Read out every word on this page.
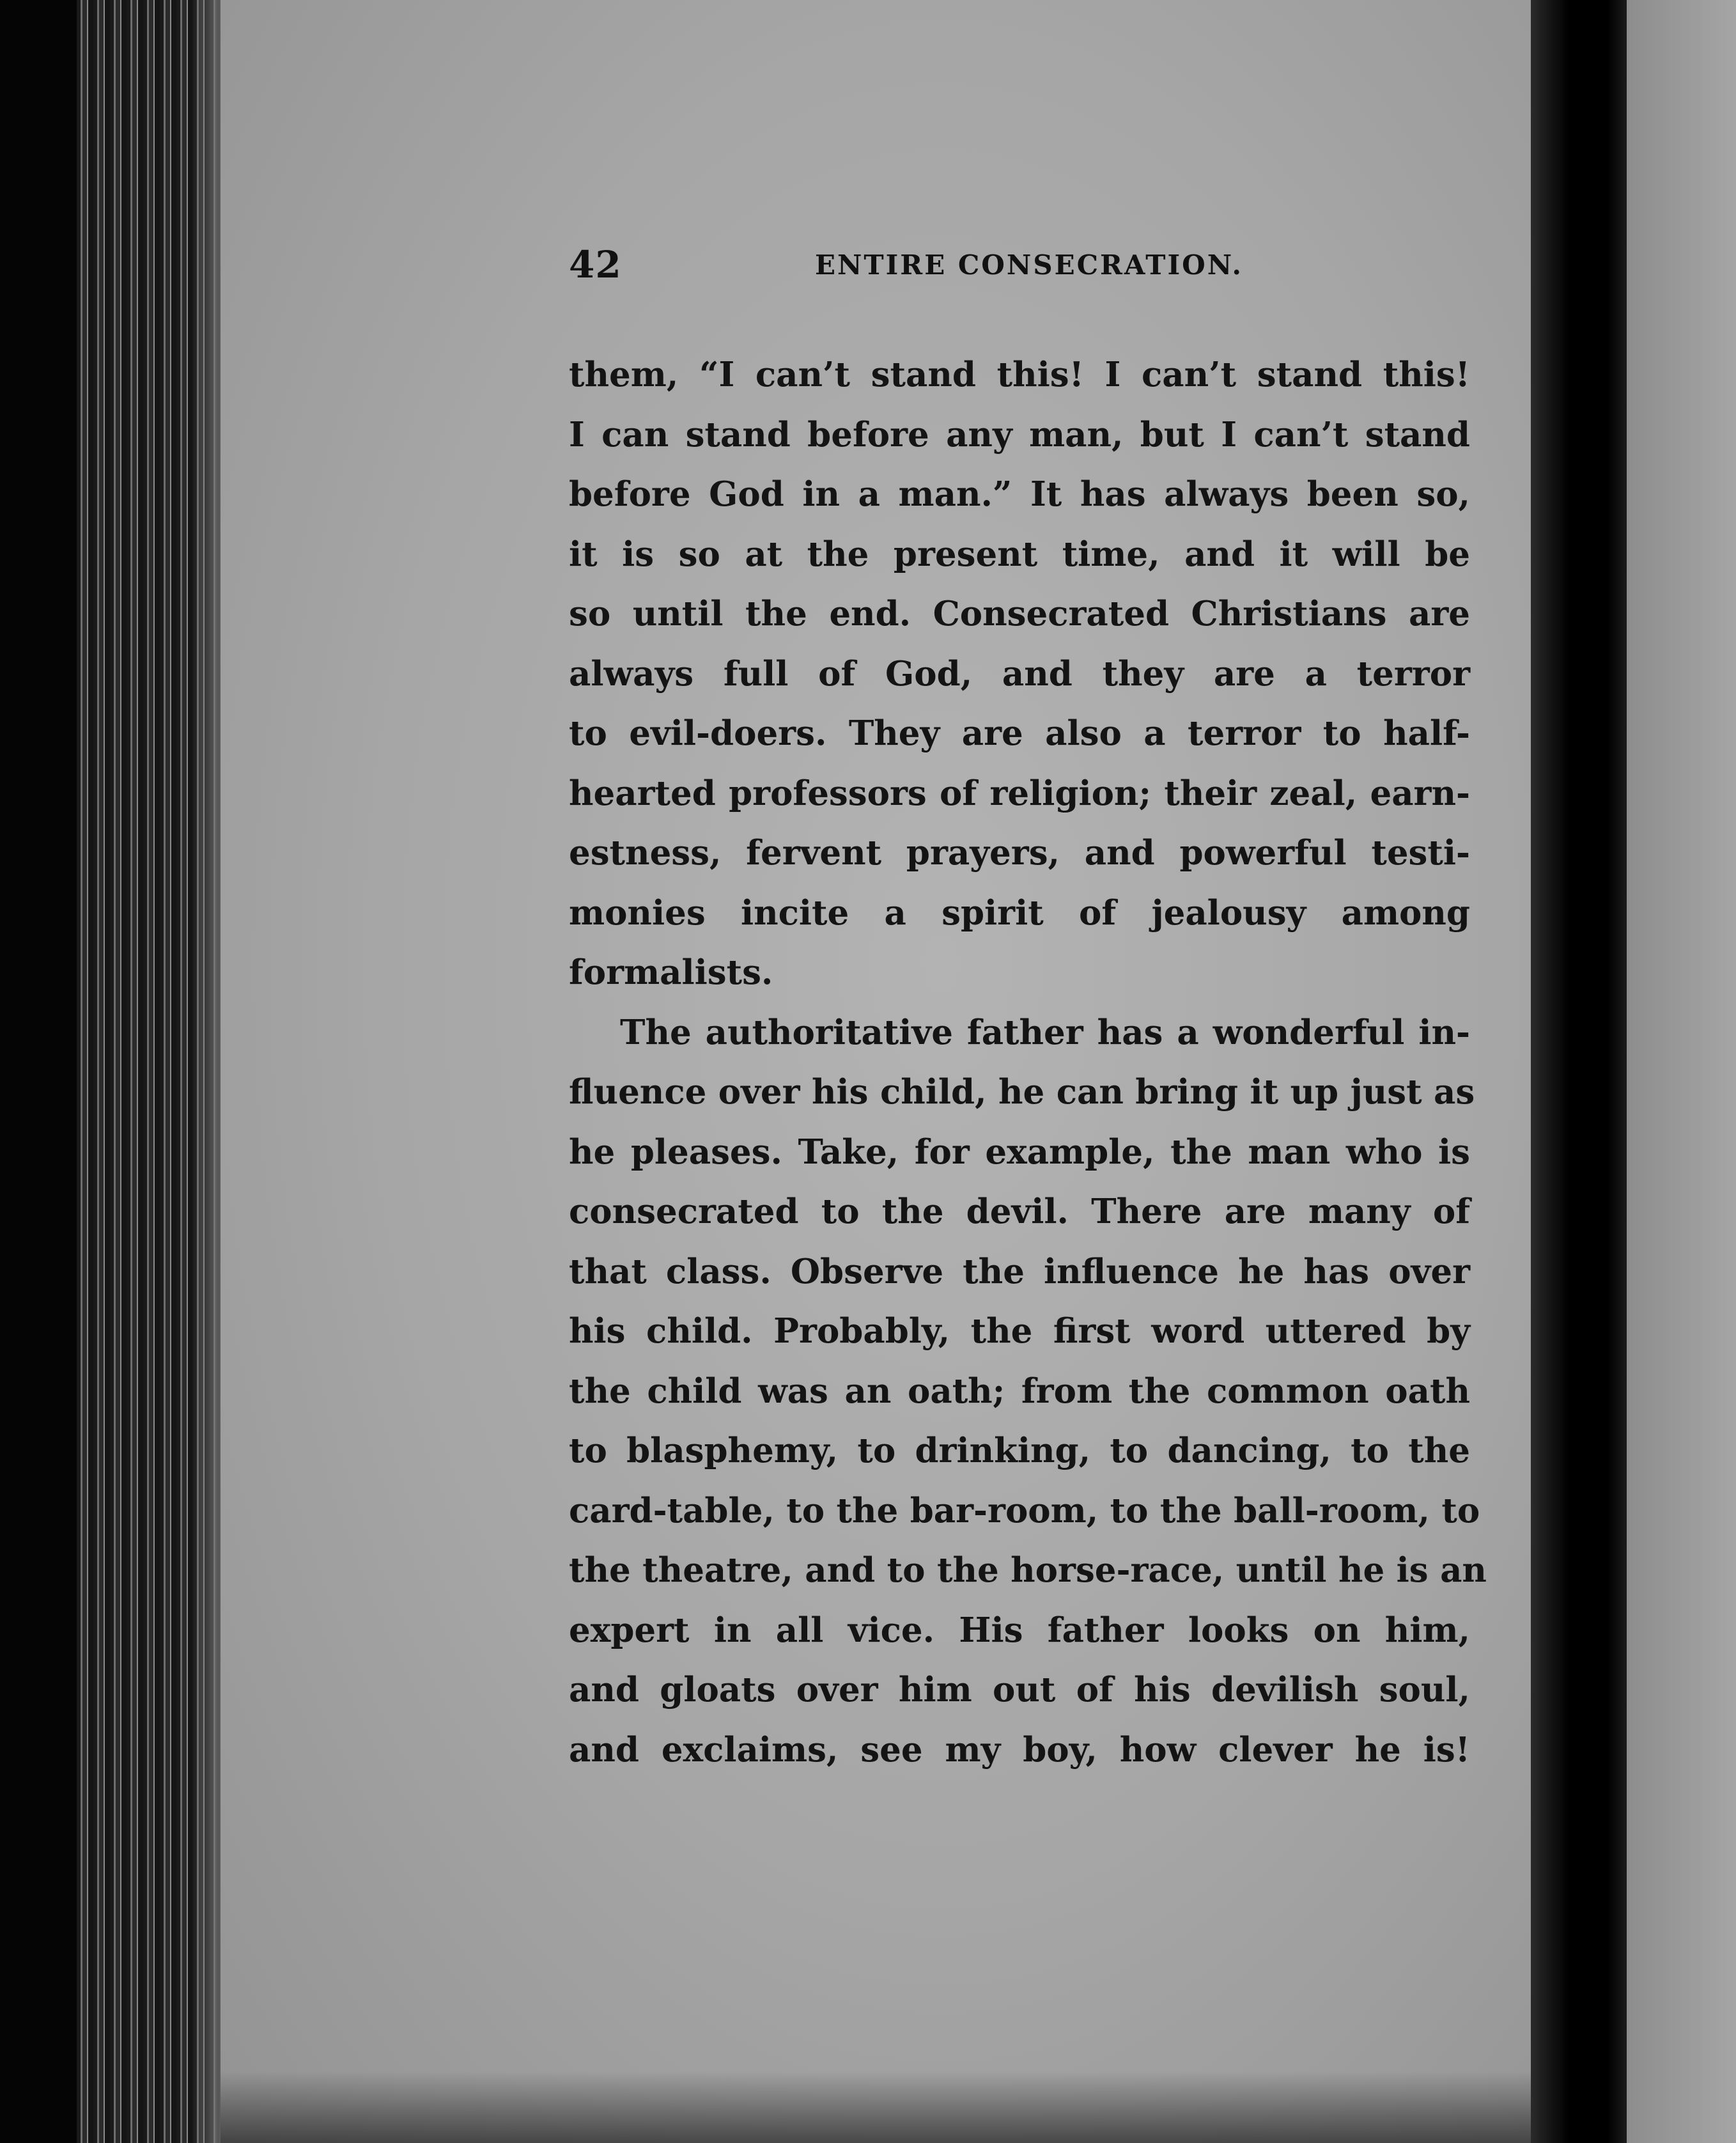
42	ENTIRE CONSECRATION.
them, “I can’t stand this! I can’t stand this!
I can stand before any man, but I can’t stand
before God in a man.” It has always been so,
it is so at the present time, and it will be
so until the end. Consecrated Christians are
always full of God, and they are a terror
to evil-doers. They are also a terror to half-
hearted professors of religion; their zeal, earn-
estness, fervent prayers, and powerful testi-
monies incite a spirit of jealousy among
formalists.
The authoritative father has a wonderful in-
fluence over his child, he can bring it up just as
he pleases. Take, for example, the man who is
consecrated to the devil. There are many of
that class. Observe the influence he has over
his child. Probably, the first word uttered by
the child was an oath; from the common oath
to blasphemy, to drinking, to dancing, to the
card-table, to the bar-room, to the ball-room, to
the theatre, and to the horse-race, until he is an
expert in all vice. His father looks on him,
and gloats over him out of his devilish soul,
and exclaims, see my boy, how clever he is!
